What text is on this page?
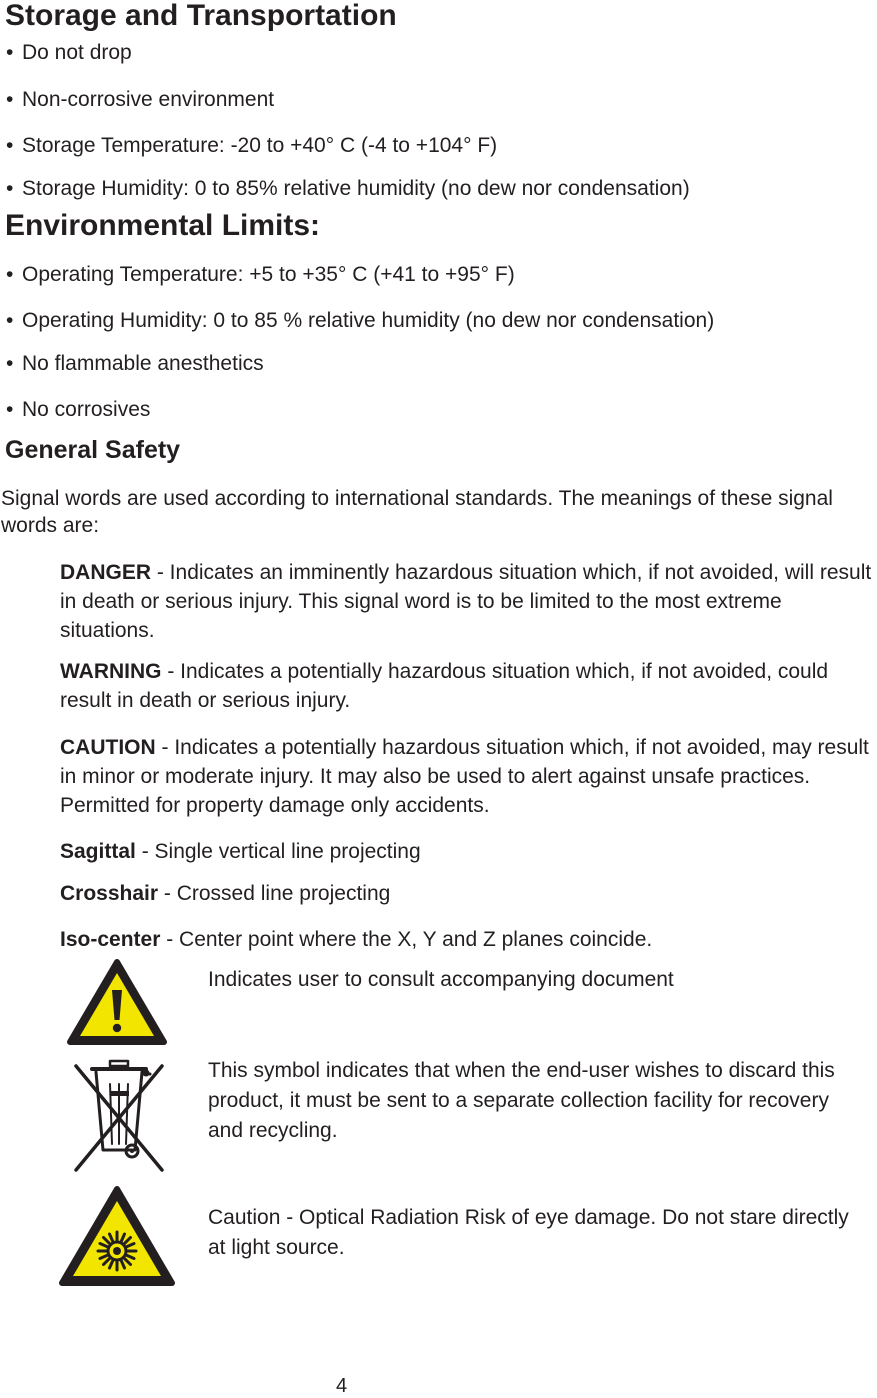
Storage and Transportation
• Do not drop
• Non-corrosive environment
• Storage Temperature: -20 to +40° C (-4 to +104° F)
• Storage Humidity: 0 to 85% relative humidity (no dew nor condensation)
Environmental Limits:
• Operating Temperature: +5 to +35° C (+41 to +95° F)
• Operating Humidity: 0 to 85 % relative humidity (no dew nor condensation)
• No flammable anesthetics
• No corrosives
General Safety
Signal words are used according to international standards. The meanings of these signal words are:
DANGER - Indicates an imminently hazardous situation which, if not avoided, will result in death or serious injury. This signal word is to be limited to the most extreme situations.
WARNING - Indicates a potentially hazardous situation which, if not avoided, could result in death or serious injury.
CAUTION - Indicates a potentially hazardous situation which, if not avoided, may result in minor or moderate injury. It may also be used to alert against unsafe practices. Permitted for property damage only accidents.
Sagittal - Single vertical line projecting
Crosshair - Crossed line projecting
Iso-center - Center point where the X, Y and Z planes coincide.
Indicates user to consult accompanying document
This symbol indicates that when the end-user wishes to discard this product, it must be sent to a separate collection facility for recovery and recycling.
Caution - Optical Radiation Risk of eye damage. Do not stare directly at light source.
4
